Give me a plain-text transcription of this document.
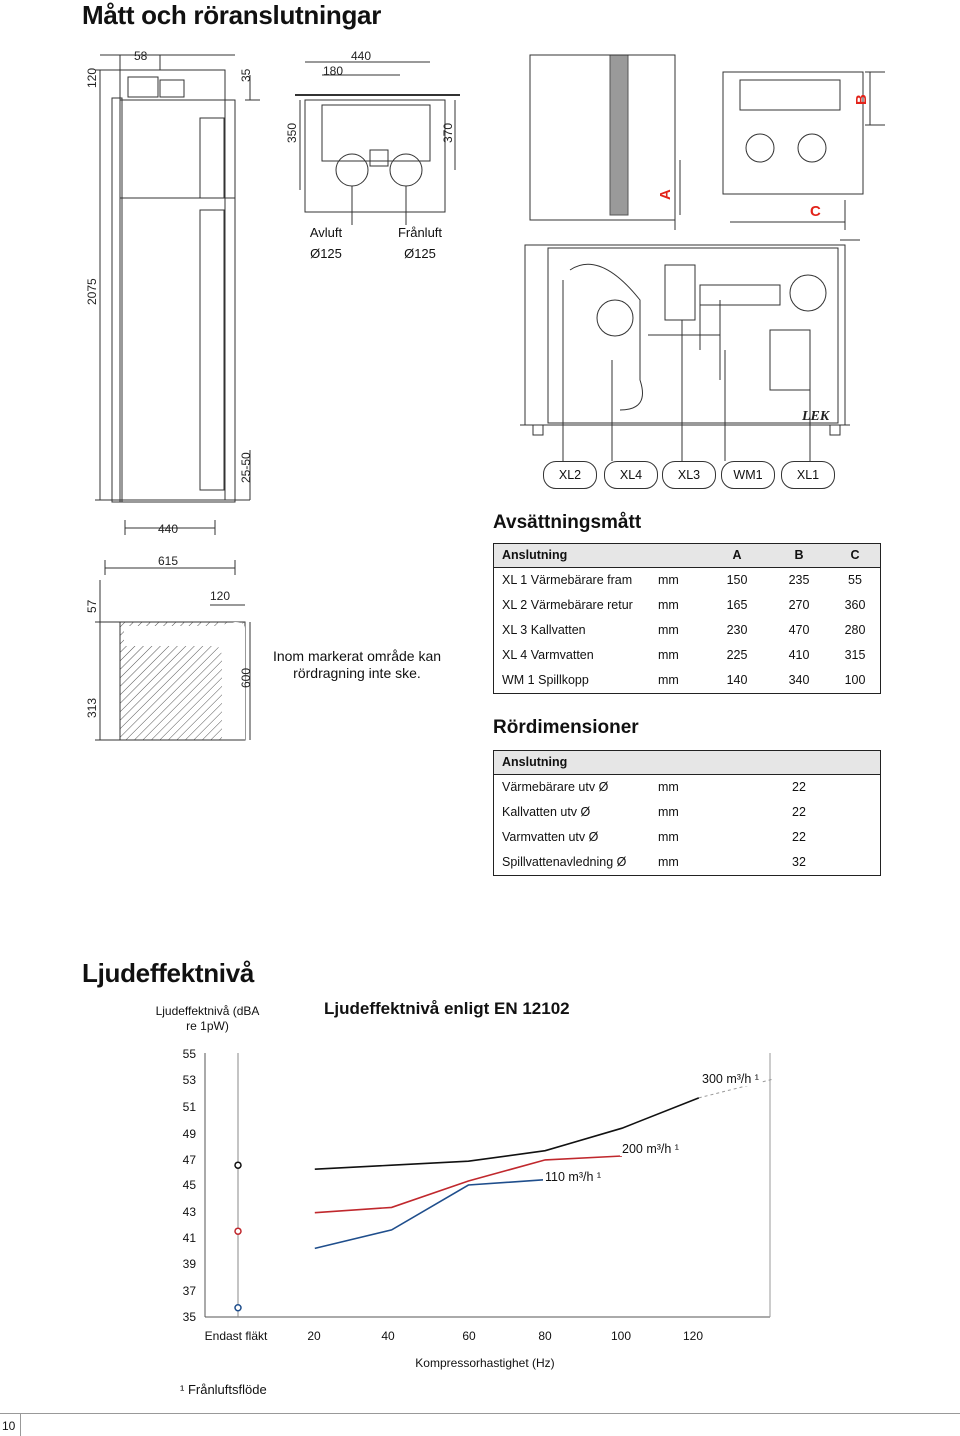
Mått och röranslutningar
120
58
35
2075
25-50
440
615
440
180
350	370
57
313
120
600
A
B
C
LEK
Avluft
Ø125
Frånluft
Ø125
XL2	XL4	XL3	WM1	XL1
Inom markerat område kan rördragning inte ske.
Avsättningsmått
Anslutning	A	B	C
XL 1 Värmebärare fram mm	150	235	55
XL 2 Värmebärare retur mm	165	270	360
XL 3 Kallvatten	mm	230	470	280
XL 4 Varmvatten	mm	225	410	315
WM 1 Spillkopp	mm	140	340	100
Rördimensioner
Anslutning
Värmebärare utv Ø	mm	22
Kallvatten utv Ø	mm	22
Varmvatten utv Ø	mm	22
Spillvattenavledning Ø	mm	32
Ljudeffektnivå
Ljudeffektnivå (dBA re 1pW)
Ljudeffektnivå enligt EN 12102
55
53
51
49
47
45
43
41
39
37
35
Endast fläkt	20	40	60	80	100	120
Kompressorhastighet (Hz)
¹ Frånluftsflöde
300 m³/h ¹
200 m³/h ¹
110 m³/h ¹
10
